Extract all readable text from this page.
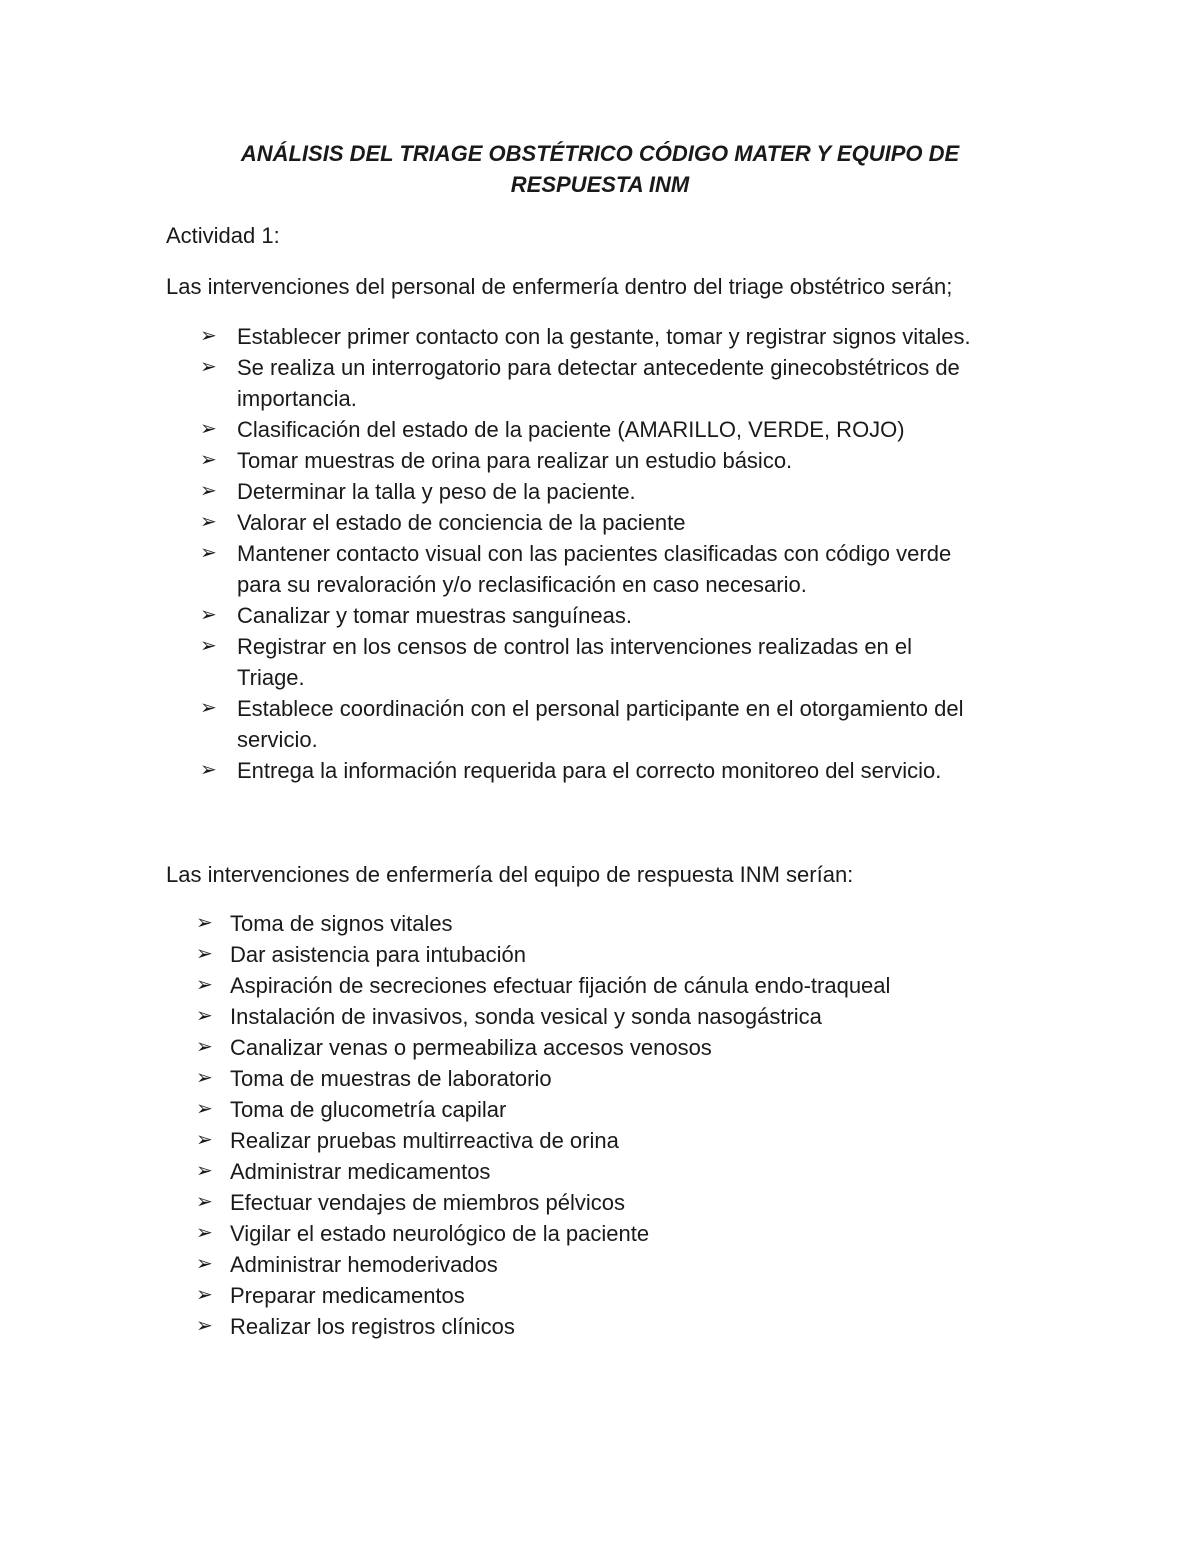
ANÁLISIS DEL TRIAGE OBSTÉTRICO CÓDIGO MATER Y EQUIPO DE
RESPUESTA INM
Actividad 1:
Las intervenciones del personal de enfermería dentro del triage obstétrico serán;
➢ Establecer primer contacto con la gestante, tomar y registrar signos vitales.
➢ Se realiza un interrogatorio para detectar antecedente ginecobstétricos de
importancia.
➢ Clasificación del estado de la paciente (AMARILLO, VERDE, ROJO)
➢ Tomar muestras de orina para realizar un estudio básico.
➢ Determinar la talla y peso de la paciente.
➢ Valorar el estado de conciencia de la paciente
➢ Mantener contacto visual con las pacientes clasificadas con código verde
para su revaloración y/o reclasificación en caso necesario.
➢ Canalizar y tomar muestras sanguíneas.
➢ Registrar en los censos de control las intervenciones realizadas en el
Triage.
➢ Establece coordinación con el personal participante en el otorgamiento del
servicio.
➢ Entrega la información requerida para el correcto monitoreo del servicio.
Las intervenciones de enfermería del equipo de respuesta INM serían:
➢ Toma de signos vitales
➢ Dar asistencia para intubación
➢ Aspiración de secreciones efectuar fijación de cánula endo-traqueal
➢ Instalación de invasivos, sonda vesical y sonda nasogástrica
➢ Canalizar venas o permeabiliza accesos venosos
➢ Toma de muestras de laboratorio
➢ Toma de glucometría capilar
➢ Realizar pruebas multirreactiva de orina
➢ Administrar medicamentos
➢ Efectuar vendajes de miembros pélvicos
➢ Vigilar el estado neurológico de la paciente
➢ Administrar hemoderivados
➢ Preparar medicamentos
➢ Realizar los registros clínicos
